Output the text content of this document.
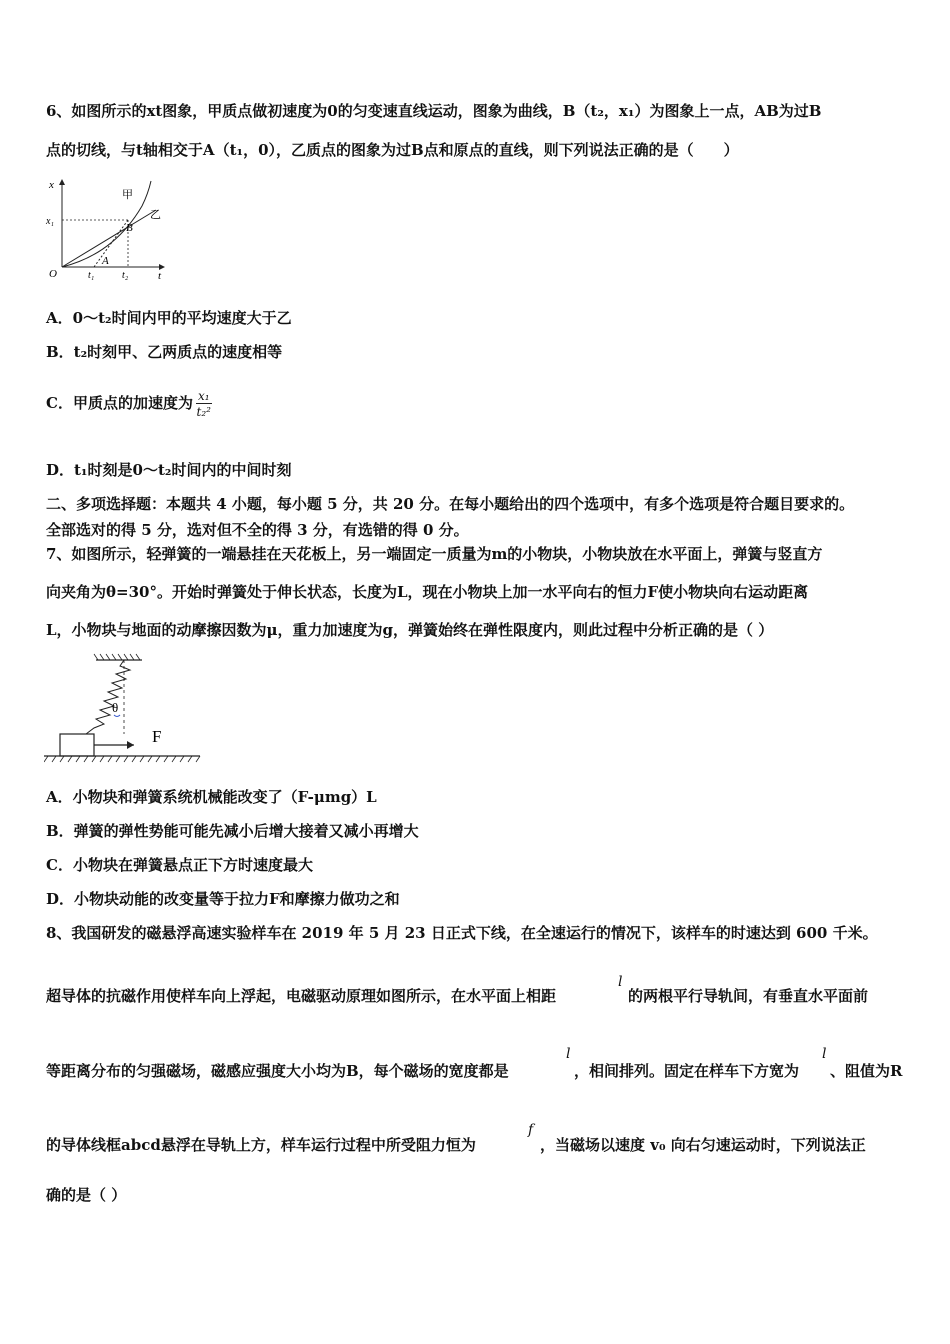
6、如图所示的xt图象，甲质点做初速度为0的匀变速直线运动，图象为曲线，B（t₂，x₁）为图象上一点，AB为过B
点的切线，与t轴相交于A（t₁，0），乙质点的图象为过B点和原点的直线，则下列说法正确的是（　　）
x
t
O
甲
乙
B
A
x₁
t₁	t₂
A．0～t₂时间内甲的平均速度大于乙
B．t₂时刻甲、乙两质点的速度相等
C．甲质点的加速度为 $\frac{\text{x₁}}{\text{t₂²}}$
D．t₁时刻是0～t₂时间内的中间时刻
二、多项选择题：本题共 4 小题，每小题 5 分，共 20 分。在每小题给出的四个选项中，有多个选项是符合题目要求的。
全部选对的得 5 分，选对但不全的得 3 分，有选错的得 0 分。
7、如图所示，轻弹簧的一端悬挂在天花板上，另一端固定一质量为m的小物块，小物块放在水平面上，弹簧与竖直方
向夹角为θ=30°。开始时弹簧处于伸长状态，长度为L，现在小物块上加一水平向右的恒力F使小物块向右运动距离
L，小物块与地面的动摩擦因数为μ，重力加速度为g，弹簧始终在弹性限度内，则此过程中分析正确的是（ ）
θ
F
A．小物块和弹簧系统机械能改变了（F-μmg）L
B．弹簧的弹性势能可能先减小后增大接着又减小再增大
C．小物块在弹簧悬点正下方时速度最大
D．小物块动能的改变量等于拉力F和摩擦力做功之和
8、我国研发的磁悬浮高速实验样车在 2019 年 5 月 23 日正式下线，在全速运行的情况下，该样车的时速达到 600 千米。
超导体的抗磁作用使样车向上浮起，电磁驱动原理如图所示，在水平面上相距
l
的两根平行导轨间，有垂直水平面前
等距离分布的匀强磁场，磁感应强度大小均为B，每个磁场的宽度都是
l
，相间排列。固定在样车下方宽为
l
、阻值为R
的导体线框abcd悬浮在导轨上方，样车运行过程中所受阻力恒为
f
，当磁场以速度 v₀ 向右匀速运动时，下列说法正
确的是（ ）
